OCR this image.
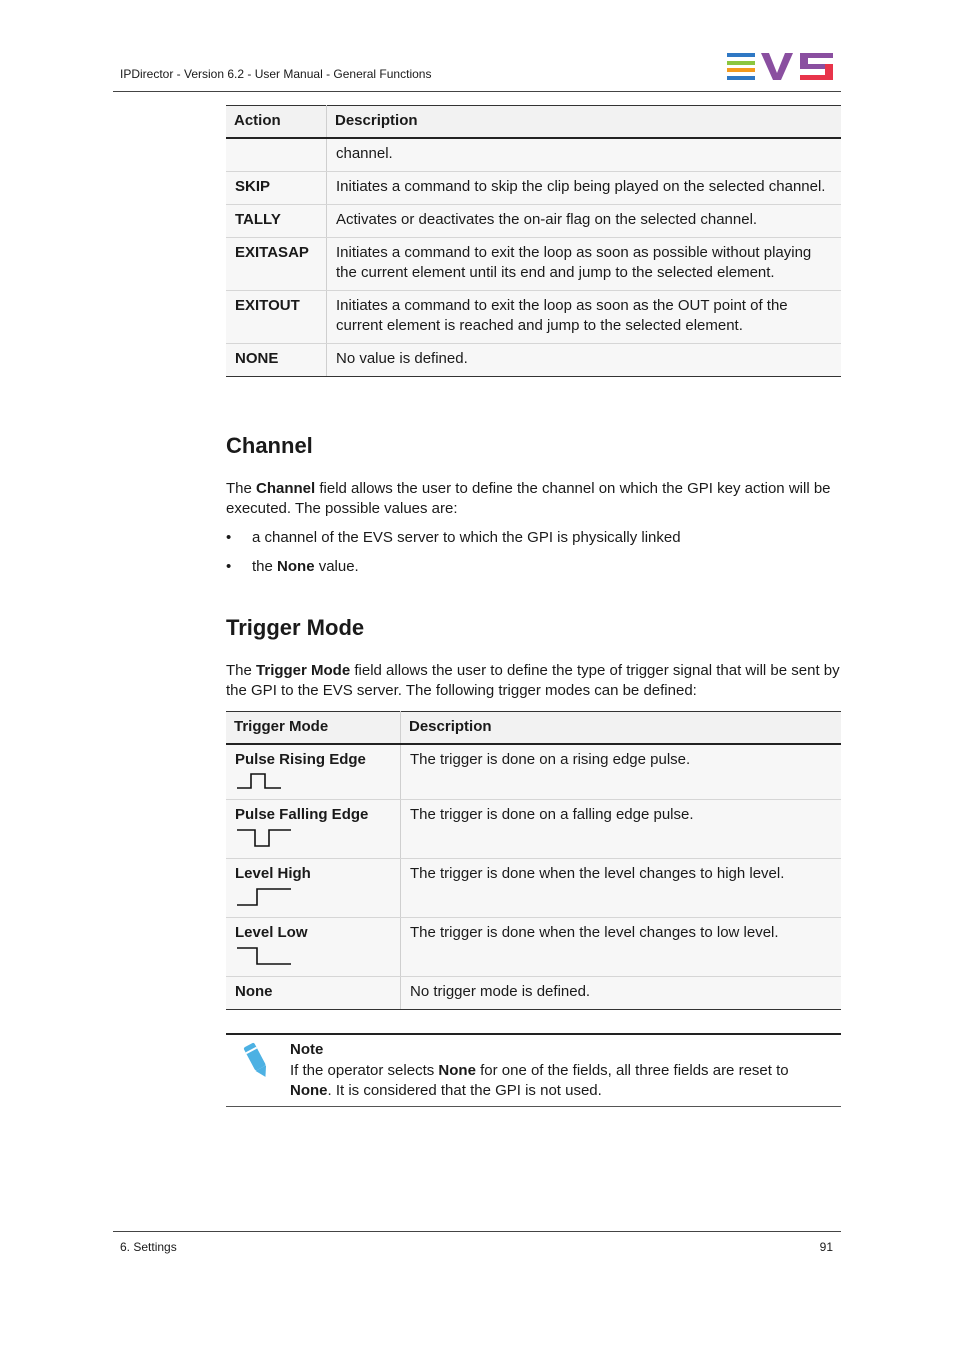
IPDirector - Version 6.2 - User Manual - General Functions
Action	Description
	channel.
SKIP	Initiates a command to skip the clip being played on the selected channel.
TALLY	Activates or deactivates the on-air flag on the selected channel.
EXITASAP	Initiates a command to exit the loop as soon as possible without playing the current element until its end and jump to the selected element.
EXITOUT	Initiates a command to exit the loop as soon as the OUT point of the current element is reached and jump to the selected element.
NONE	No value is defined.
Channel

The Channel field allows the user to define the channel on which the GPI key action will be executed. The possible values are:

• a channel of the EVS server to which the GPI is physically linked
• the None value.
Trigger Mode

The Trigger Mode field allows the user to define the type of trigger signal that will be sent by the GPI to the EVS server. The following trigger modes can be defined:

Trigger Mode	Description
Pulse Rising Edge	The trigger is done on a rising edge pulse.
Pulse Falling Edge	The trigger is done on a falling edge pulse.
Level High	The trigger is done when the level changes to high level.
Level Low	The trigger is done when the level changes to low level.
None	No trigger mode is defined.
Note
If the operator selects None for one of the fields, all three fields are reset to None. It is considered that the GPI is not used.
6. Settings	91
